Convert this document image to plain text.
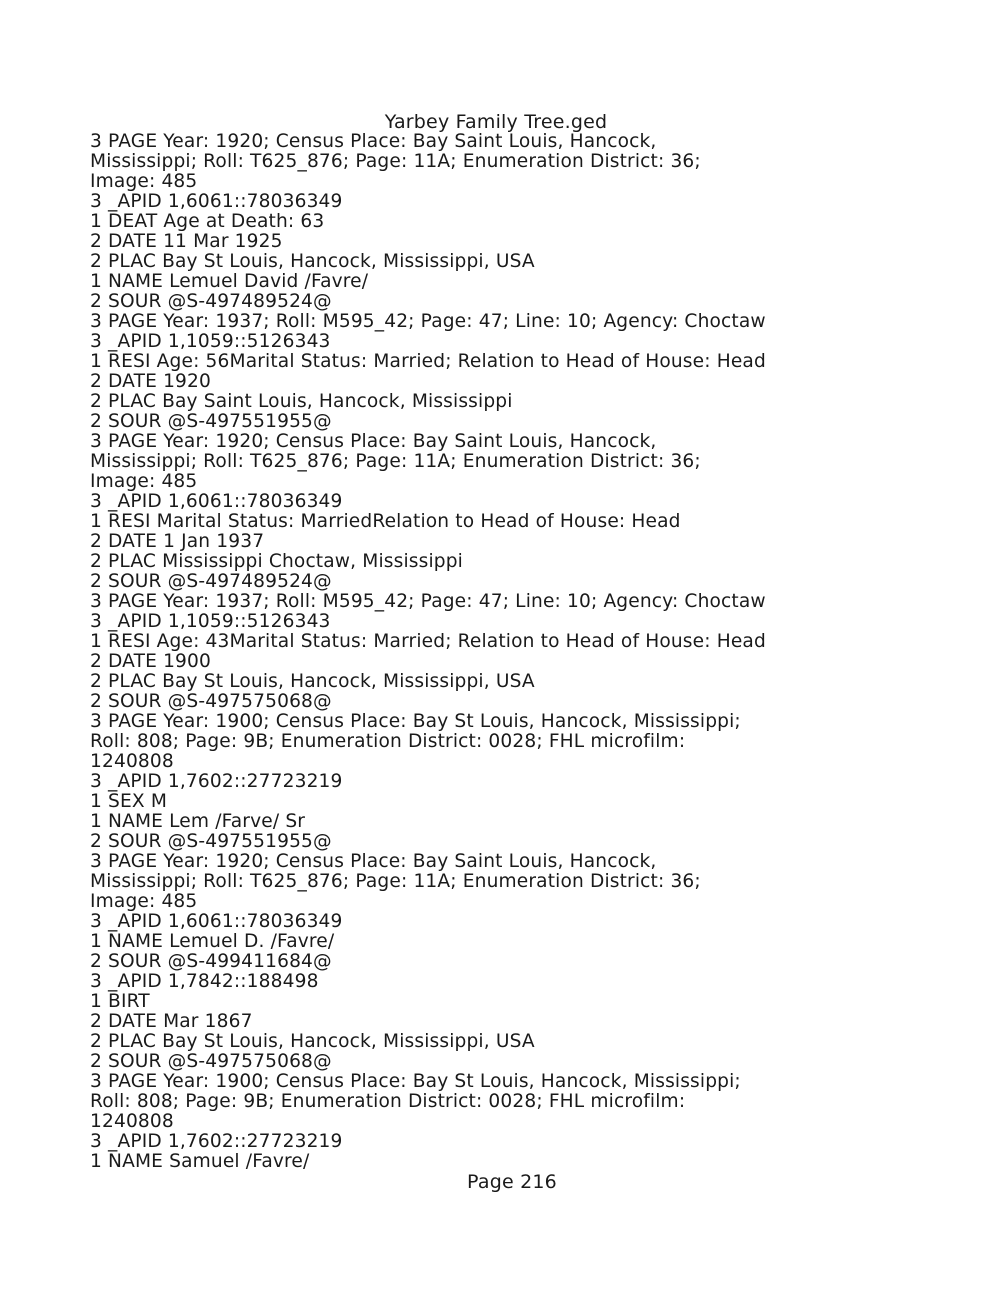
Yarbey Family Tree.ged
3 PAGE Year: 1920; Census Place: Bay Saint Louis, Hancock,
Mississippi; Roll: T625_876; Page: 11A; Enumeration District: 36;
Image: 485
3 _APID 1,6061::78036349
1 DEAT Age at Death: 63
2 DATE 11 Mar 1925
2 PLAC Bay St Louis, Hancock, Mississippi, USA
1 NAME Lemuel David /Favre/
2 SOUR @S-497489524@
3 PAGE Year: 1937; Roll: M595_42; Page: 47; Line: 10; Agency: Choctaw
3 _APID 1,1059::5126343
1 RESI Age: 56Marital Status: Married; Relation to Head of House: Head
2 DATE 1920
2 PLAC Bay Saint Louis, Hancock, Mississippi
2 SOUR @S-497551955@
3 PAGE Year: 1920; Census Place: Bay Saint Louis, Hancock,
Mississippi; Roll: T625_876; Page: 11A; Enumeration District: 36;
Image: 485
3 _APID 1,6061::78036349
1 RESI Marital Status: MarriedRelation to Head of House: Head
2 DATE 1 Jan 1937
2 PLAC Mississippi Choctaw, Mississippi
2 SOUR @S-497489524@
3 PAGE Year: 1937; Roll: M595_42; Page: 47; Line: 10; Agency: Choctaw
3 _APID 1,1059::5126343
1 RESI Age: 43Marital Status: Married; Relation to Head of House: Head
2 DATE 1900
2 PLAC Bay St Louis, Hancock, Mississippi, USA
2 SOUR @S-497575068@
3 PAGE Year: 1900; Census Place: Bay St Louis, Hancock, Mississippi;
Roll: 808; Page: 9B; Enumeration District: 0028; FHL microfilm:
1240808
3 _APID 1,7602::27723219
1 SEX M
1 NAME Lem /Farve/ Sr
2 SOUR @S-497551955@
3 PAGE Year: 1920; Census Place: Bay Saint Louis, Hancock,
Mississippi; Roll: T625_876; Page: 11A; Enumeration District: 36;
Image: 485
3 _APID 1,6061::78036349
1 NAME Lemuel D. /Favre/
2 SOUR @S-499411684@
3 _APID 1,7842::188498
1 BIRT
2 DATE Mar 1867
2 PLAC Bay St Louis, Hancock, Mississippi, USA
2 SOUR @S-497575068@
3 PAGE Year: 1900; Census Place: Bay St Louis, Hancock, Mississippi;
Roll: 808; Page: 9B; Enumeration District: 0028; FHL microfilm:
1240808
3 _APID 1,7602::27723219
1 NAME Samuel /Favre/
Page 216
